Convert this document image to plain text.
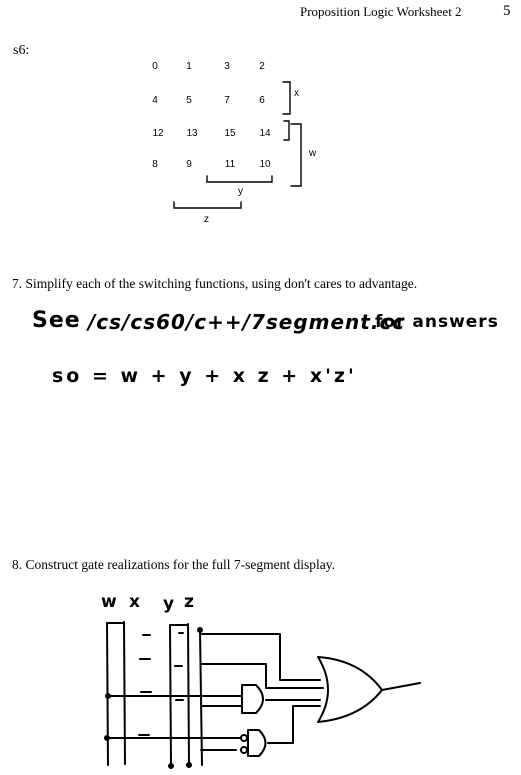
Proposition Logic Worksheet 2	5
s6:
0	1	3	2
4	5	7	6
12	13	15	14
8	9	11	10
x
w
y
z
7. Simplify each of the switching functions, using don't cares to advantage.
See /cs/cs60/c++/7segment.cc
for answers
so = w + y + x z + x'z'
8. Construct gate realizations for the full 7-segment display.
w x y z
